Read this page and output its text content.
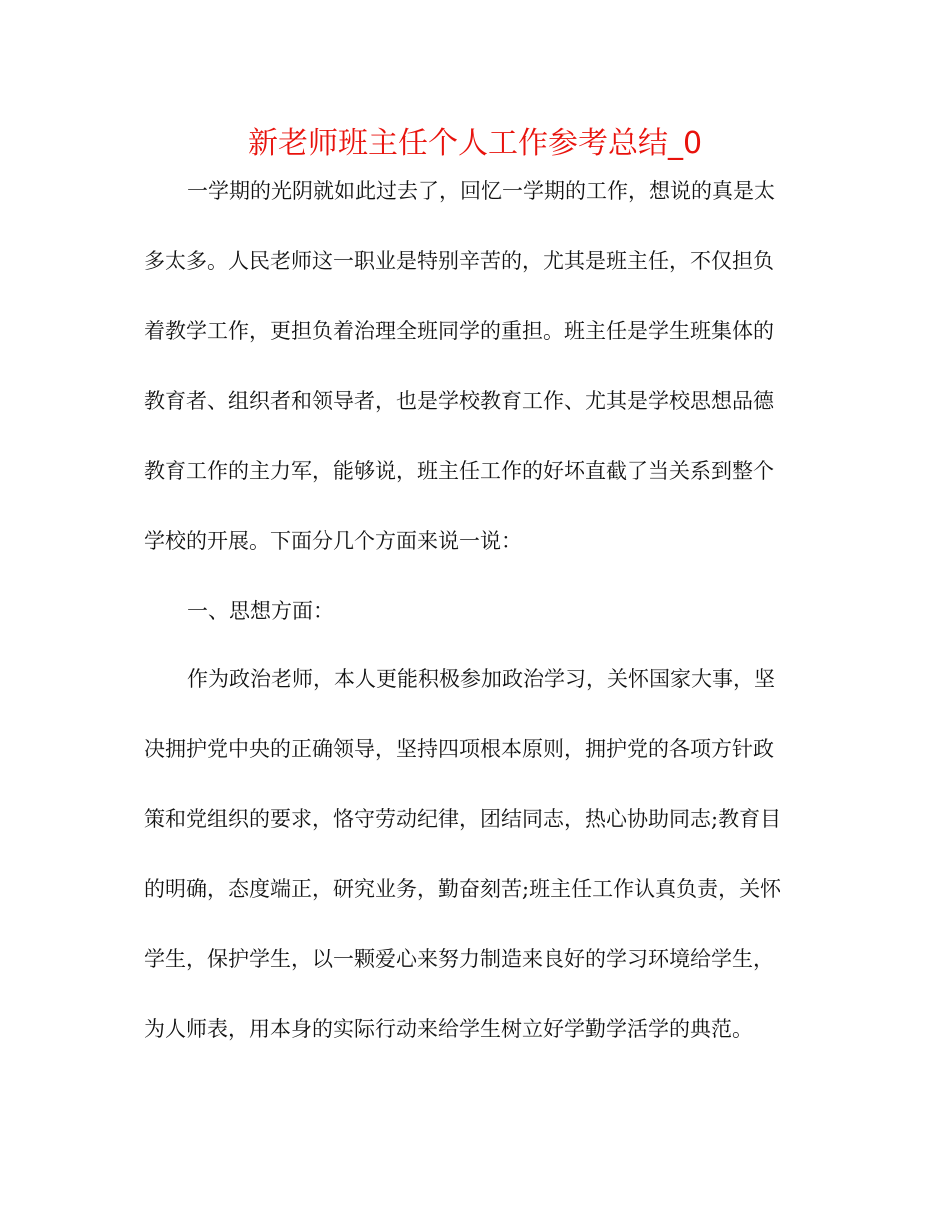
新老师班主任个人工作参考总结_0
一学期的光阴就如此过去了，回忆一学期的工作，想说的真是太
多太多。人民老师这一职业是特别辛苦的，尤其是班主任，不仅担负
着教学工作，更担负着治理全班同学的重担。班主任是学生班集体的
教育者、组织者和领导者，也是学校教育工作、尤其是学校思想品德
教育工作的主力军，能够说，班主任工作的好坏直截了当关系到整个
学校的开展。下面分几个方面来说一说：
一、思想方面：
作为政治老师，本人更能积极参加政治学习，关怀国家大事，坚
决拥护党中央的正确领导，坚持四项根本原则，拥护党的各项方针政
策和党组织的要求，恪守劳动纪律，团结同志，热心协助同志;教育目
的明确，态度端正，研究业务，勤奋刻苦;班主任工作认真负责，关怀
学生，保护学生，以一颗爱心来努力制造来良好的学习环境给学生，
为人师表，用本身的实际行动来给学生树立好学勤学活学的典范。
